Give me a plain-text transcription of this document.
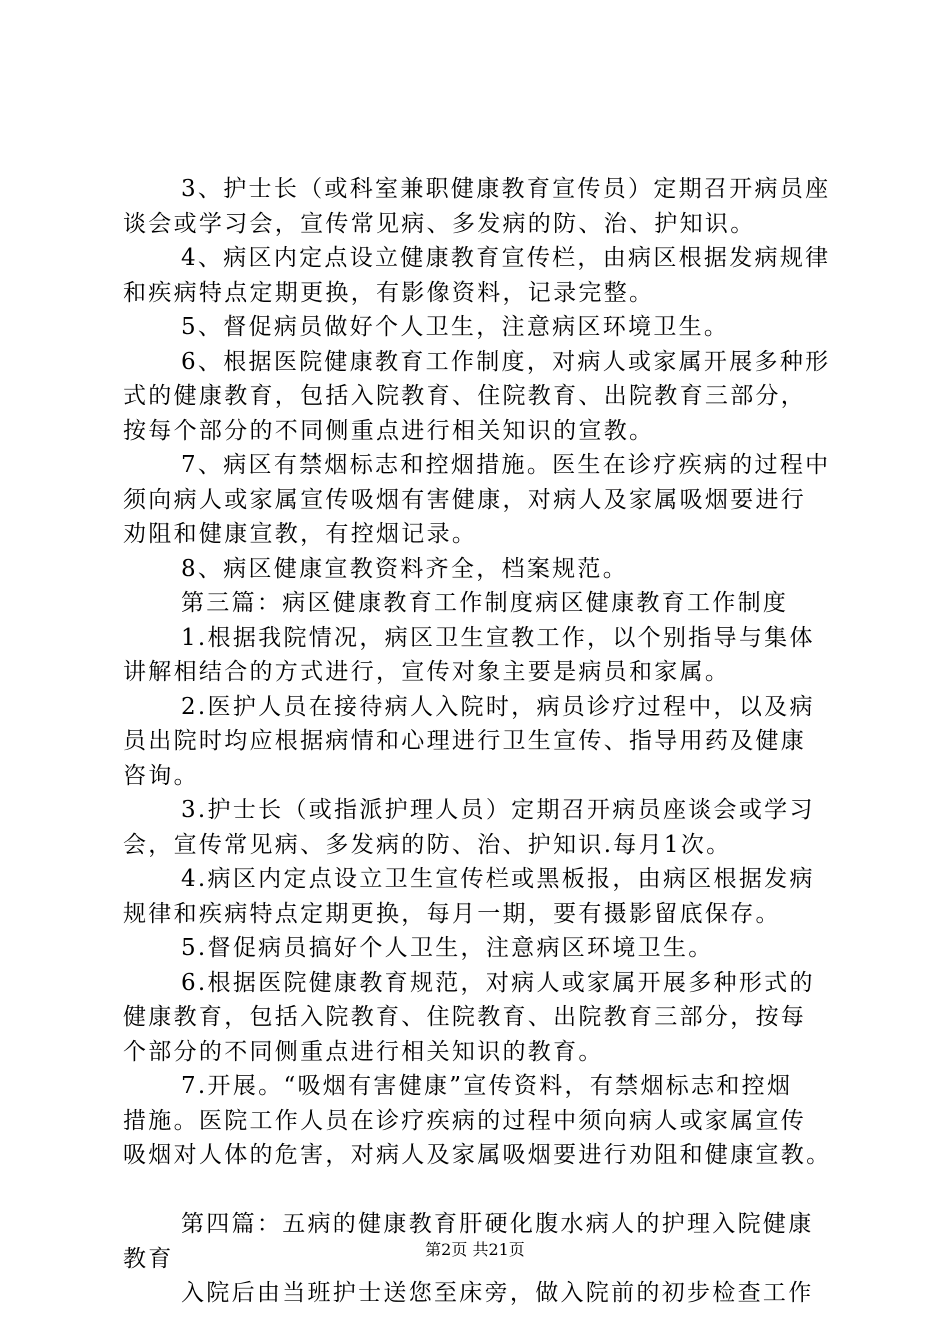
3、护士长（或科室兼职健康教育宣传员）定期召开病员座
谈会或学习会，宣传常见病、多发病的防、治、护知识。
4、病区内定点设立健康教育宣传栏，由病区根据发病规律
和疾病特点定期更换，有影像资料，记录完整。
5、督促病员做好个人卫生，注意病区环境卫生。
6、根据医院健康教育工作制度，对病人或家属开展多种形
式的健康教育，包括入院教育、住院教育、出院教育三部分，
按每个部分的不同侧重点进行相关知识的宣教。
7、病区有禁烟标志和控烟措施。医生在诊疗疾病的过程中
须向病人或家属宣传吸烟有害健康，对病人及家属吸烟要进行
劝阻和健康宣教，有控烟记录。
8、病区健康宣教资料齐全，档案规范。
第三篇：病区健康教育工作制度病区健康教育工作制度
1.根据我院情况，病区卫生宣教工作，以个别指导与集体
讲解相结合的方式进行，宣传对象主要是病员和家属。
2.医护人员在接待病人入院时，病员诊疗过程中，以及病
员出院时均应根据病情和心理进行卫生宣传、指导用药及健康
咨询。
3.护士长（或指派护理人员）定期召开病员座谈会或学习
会，宣传常见病、多发病的防、治、护知识.每月1次。
4.病区内定点设立卫生宣传栏或黑板报，由病区根据发病
规律和疾病特点定期更换，每月一期，要有摄影留底保存。
5.督促病员搞好个人卫生，注意病区环境卫生。
6.根据医院健康教育规范，对病人或家属开展多种形式的
健康教育，包括入院教育、住院教育、出院教育三部分，按每
个部分的不同侧重点进行相关知识的教育。
7.开展。“吸烟有害健康”宣传资料，有禁烟标志和控烟
措施。医院工作人员在诊疗疾病的过程中须向病人或家属宣传
吸烟对人体的危害，对病人及家属吸烟要进行劝阻和健康宣教。
第四篇：五病的健康教育肝硬化腹水病人的护理入院健康
教育
入院后由当班护士送您至床旁，做入院前的初步检查工作
第2页 共21页
